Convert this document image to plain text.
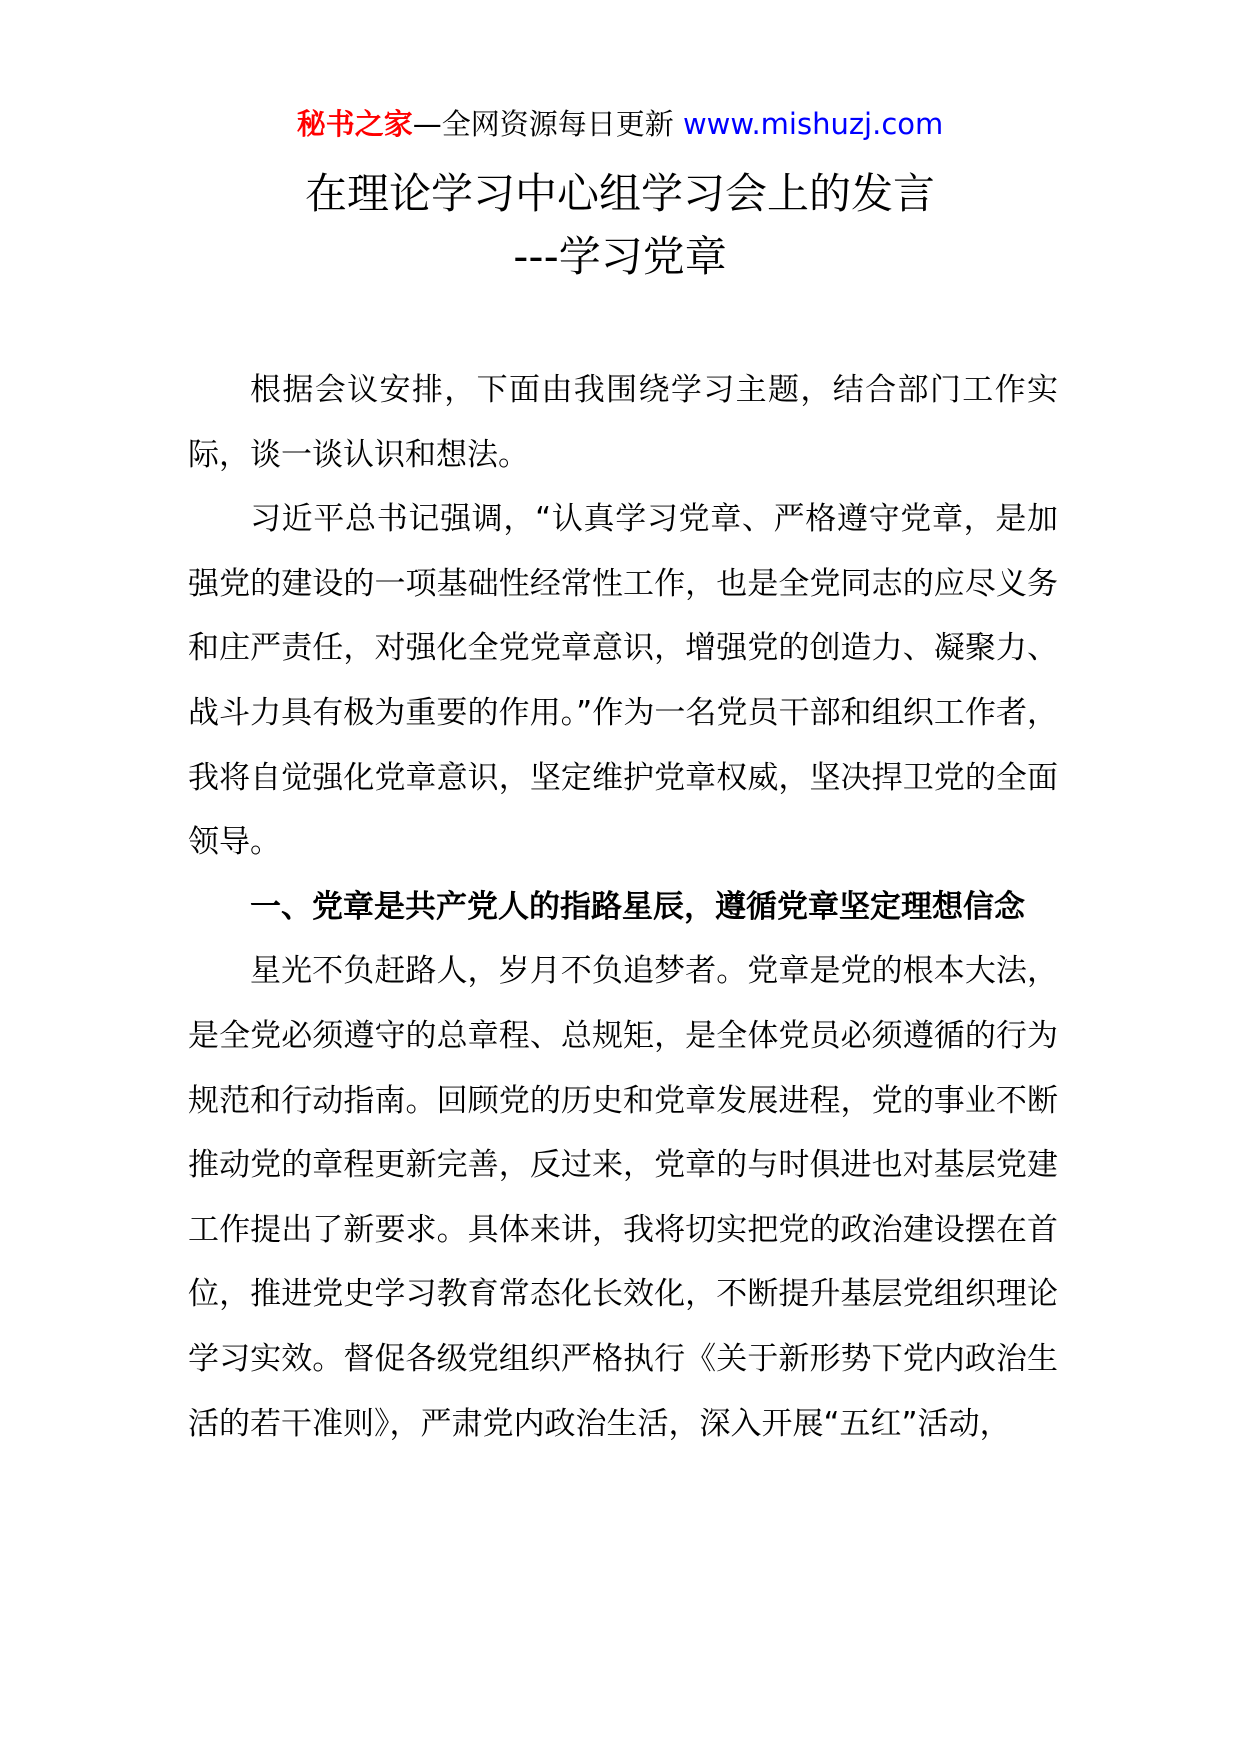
秘书之家—全网资源每日更新 www.mishuzj.com
在理论学习中心组学习会上的发言
---学习党章

根据会议安排，下面由我围绕学习主题，结合部门工作实际，谈一谈认识和想法。

习近平总书记强调，“认真学习党章、严格遵守党章，是加强党的建设的一项基础性经常性工作，也是全党同志的应尽义务和庄严责任，对强化全党党章意识，增强党的创造力、凝聚力、战斗力具有极为重要的作用。”作为一名党员干部和组织工作者，我将自觉强化党章意识，坚定维护党章权威，坚决捍卫党的全面领导。

一、党章是共产党人的指路星辰，遵循党章坚定理想信念

星光不负赶路人，岁月不负追梦者。党章是党的根本大法，是全党必须遵守的总章程、总规矩，是全体党员必须遵循的行为规范和行动指南。回顾党的历史和党章发展进程，党的事业不断推动党的章程更新完善，反过来，党章的与时俱进也对基层党建工作提出了新要求。具体来讲，我将切实把党的政治建设摆在首位，推进党史学习教育常态化长效化，不断提升基层党组织理论学习实效。督促各级党组织严格执行《关于新形势下党内政治生活的若干准则》，严肃党内政治生活，深入开展“五红”活动，
